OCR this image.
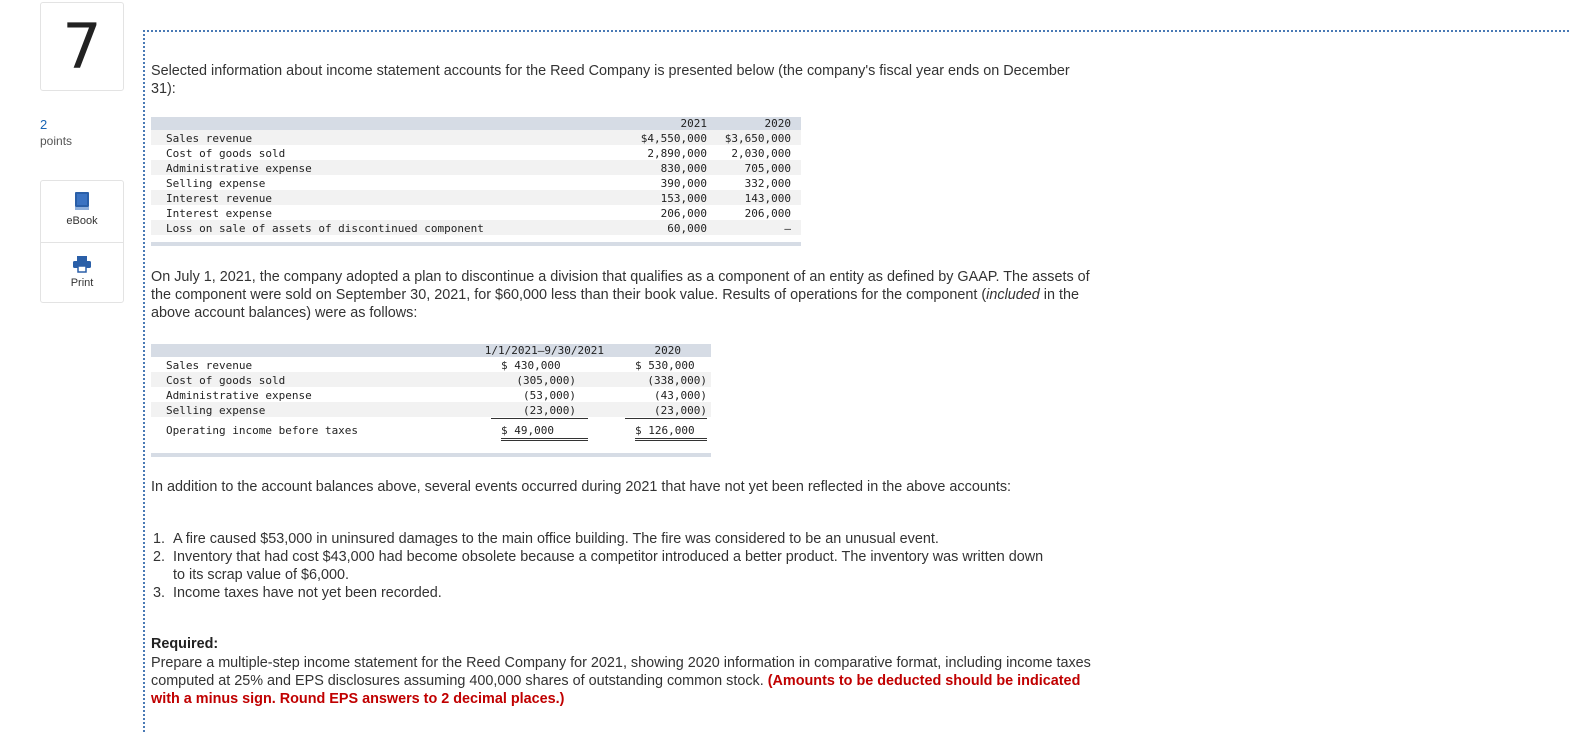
7
2
points
eBook
Print

Selected information about income statement accounts for the Reed Company is presented below (the company's fiscal year ends on December 31):

2021	2020
Sales revenue	$4,550,000	$3,650,000
Cost of goods sold	2,890,000	2,030,000
Administrative expense	830,000	705,000
Selling expense	390,000	332,000
Interest revenue	153,000	143,000
Interest expense	206,000	206,000
Loss on sale of assets of discontinued component	60,000	–

On July 1, 2021, the company adopted a plan to discontinue a division that qualifies as a component of an entity as defined by GAAP. The assets of the component were sold on September 30, 2021, for $60,000 less than their book value. Results of operations for the component (included in the above account balances) were as follows:

1/1/2021–9/30/2021	2020
Sales revenue	$ 430,000	$ 530,000
Cost of goods sold	(305,000)	(338,000)
Administrative expense	(53,000)	(43,000)
Selling expense	(23,000)	(23,000)
Operating income before taxes	$ 49,000	$ 126,000

In addition to the account balances above, several events occurred during 2021 that have not yet been reflected in the above accounts:

1. A fire caused $53,000 in uninsured damages to the main office building. The fire was considered to be an unusual event.
2. Inventory that had cost $43,000 had become obsolete because a competitor introduced a better product. The inventory was written down to its scrap value of $6,000.
3. Income taxes have not yet been recorded.
Required:
Prepare a multiple-step income statement for the Reed Company for 2021, showing 2020 information in comparative format, including income taxes computed at 25% and EPS disclosures assuming 400,000 shares of outstanding common stock. (Amounts to be deducted should be indicated with a minus sign. Round EPS answers to 2 decimal places.)
